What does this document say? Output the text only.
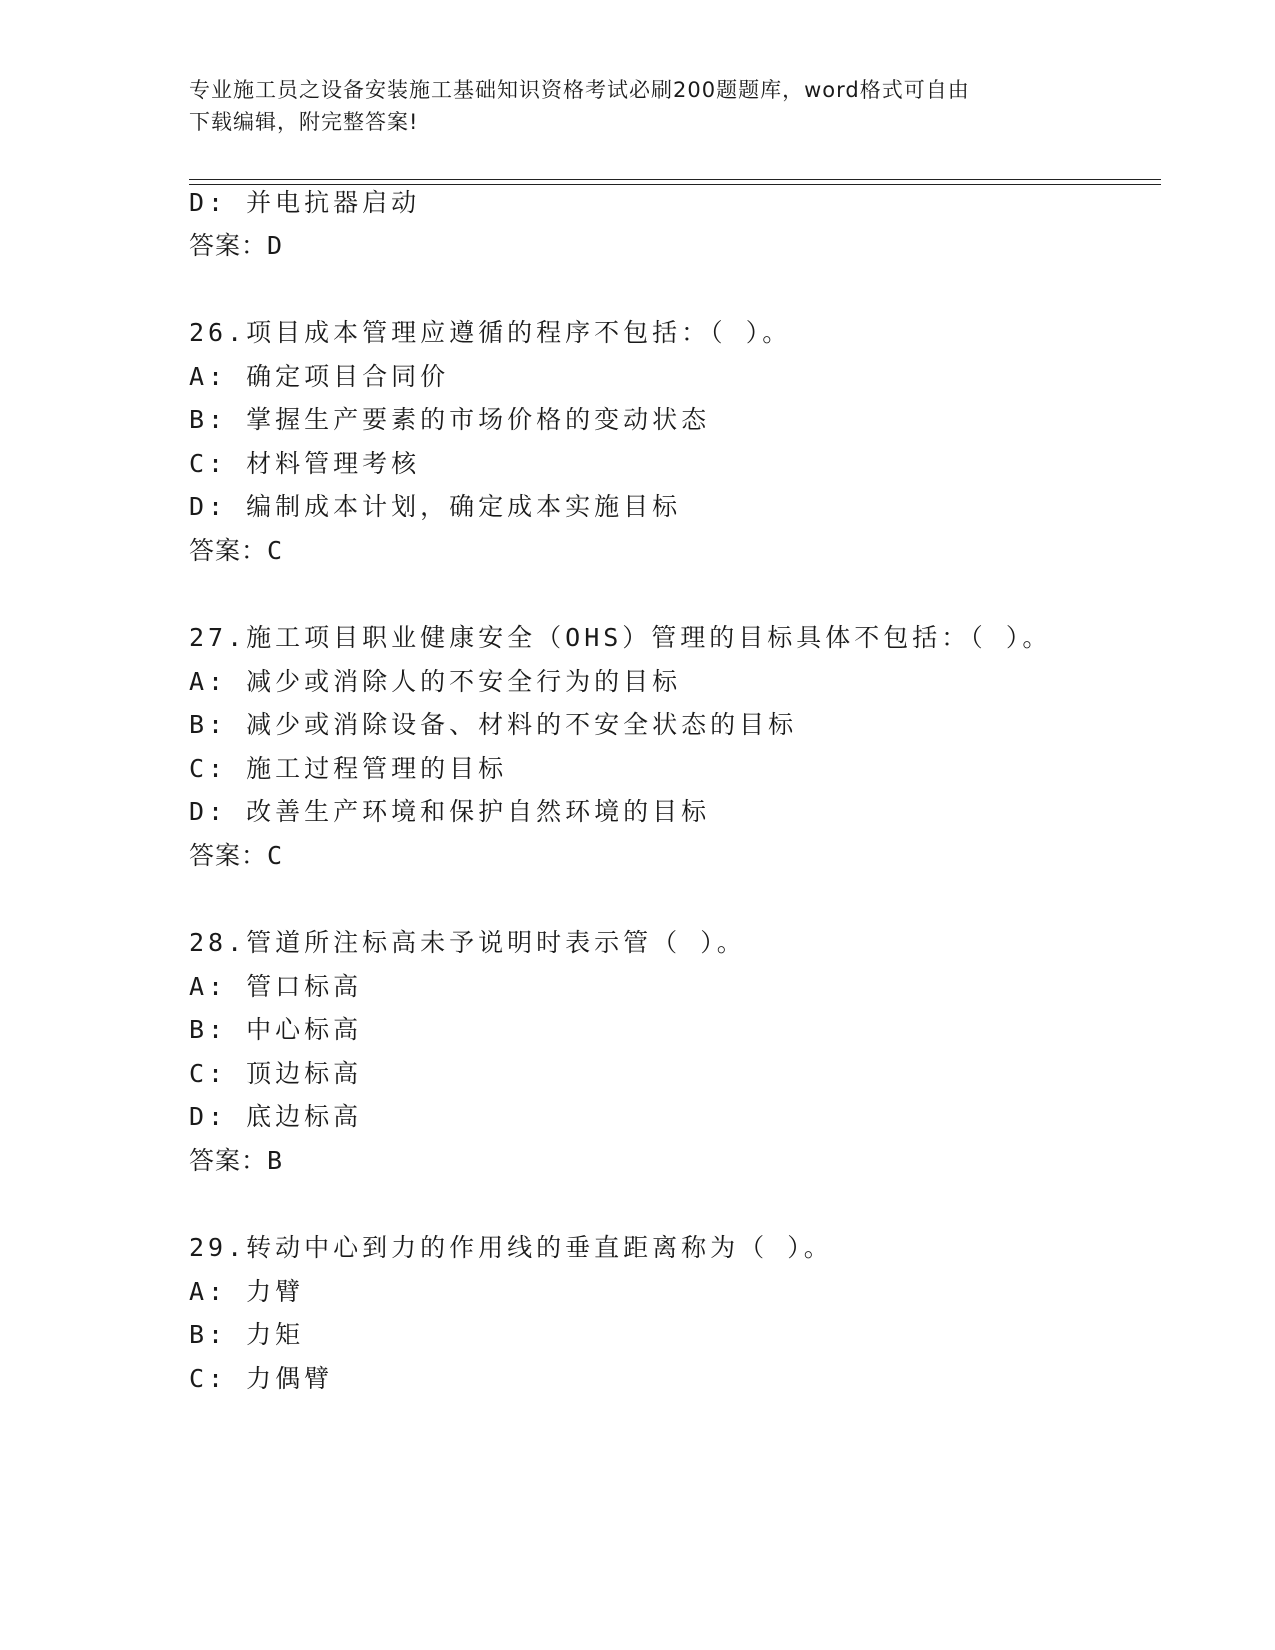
专业施工员之设备安装施工基础知识资格考试必刷200题题库，word格式可自由
下载编辑，附完整答案!
D: 并电抗器启动
答案：D
26.项目成本管理应遵循的程序不包括：（ ）。
A: 确定项目合同价
B: 掌握生产要素的市场价格的变动状态
C: 材料管理考核
D: 编制成本计划，确定成本实施目标
答案：C
27.施工项目职业健康安全（OHS）管理的目标具体不包括：（ ）。
A: 减少或消除人的不安全行为的目标
B: 减少或消除设备、材料的不安全状态的目标
C: 施工过程管理的目标
D: 改善生产环境和保护自然环境的目标
答案：C
28.管道所注标高未予说明时表示管（ ）。
A: 管口标高
B: 中心标高
C: 顶边标高
D: 底边标高
答案：B
29.转动中心到力的作用线的垂直距离称为（ ）。
A: 力臂
B: 力矩
C: 力偶臂
